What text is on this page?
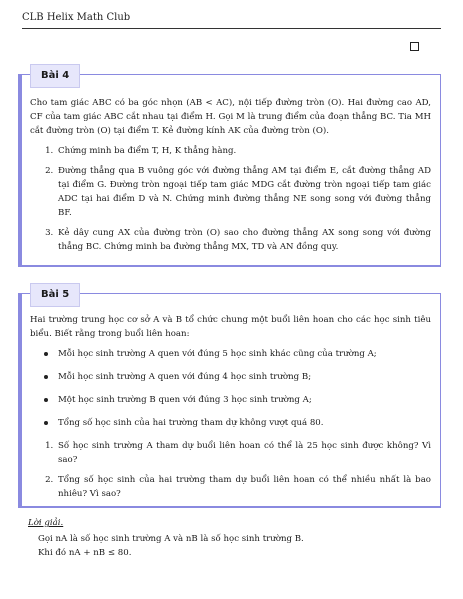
CLB Helix Math Club
Bài 4

Cho tam giác ABC có ba góc nhọn (AB < AC), nội tiếp đường tròn (O). Hai đường cao AD, CF của tam giác ABC cắt nhau tại điểm H. Gọi M là trung điểm của đoạn thẳng BC. Tia MH cắt đường tròn (O) tại điểm T. Kẻ đường kính AK của đường tròn (O).

1. Chứng minh ba điểm T, H, K thẳng hàng.
2. Đường thẳng qua B vuông góc với đường thẳng AM tại điểm E, cắt đường thẳng AD tại điểm G. Đường tròn ngoại tiếp tam giác MDG cắt đường tròn ngoại tiếp tam giác ADC tại hai điểm D và N. Chứng minh đường thẳng NE song song với đường thẳng BF.
3. Kẻ dây cung AX của đường tròn (O) sao cho đường thẳng AX song song với đường thẳng BC. Chứng minh ba đường thẳng MX, TD và AN đồng quy.
Bài 5

Hai trường trung học cơ sở A và B tổ chức chung một buổi liên hoan cho các học sinh tiêu biểu. Biết rằng trong buổi liên hoan:

Mỗi học sinh trường A quen với đúng 5 học sinh khác cũng của trường A;
Mỗi học sinh trường A quen với đúng 4 học sinh trường B;
Một học sinh trường B quen với đúng 3 học sinh trường A;
Tổng số học sinh của hai trường tham dự không vượt quá 80.
1. Số học sinh trường A tham dự buổi liên hoan có thể là 25 học sinh được không? Vì sao?
2. Tổng số học sinh của hai trường tham dự buổi liên hoan có thể nhiều nhất là bao nhiêu? Vì sao?
Lời giải.
Gọi nA là số học sinh trường A và nB là số học sinh trường B.
Khi đó nA + nB ≤ 80.
